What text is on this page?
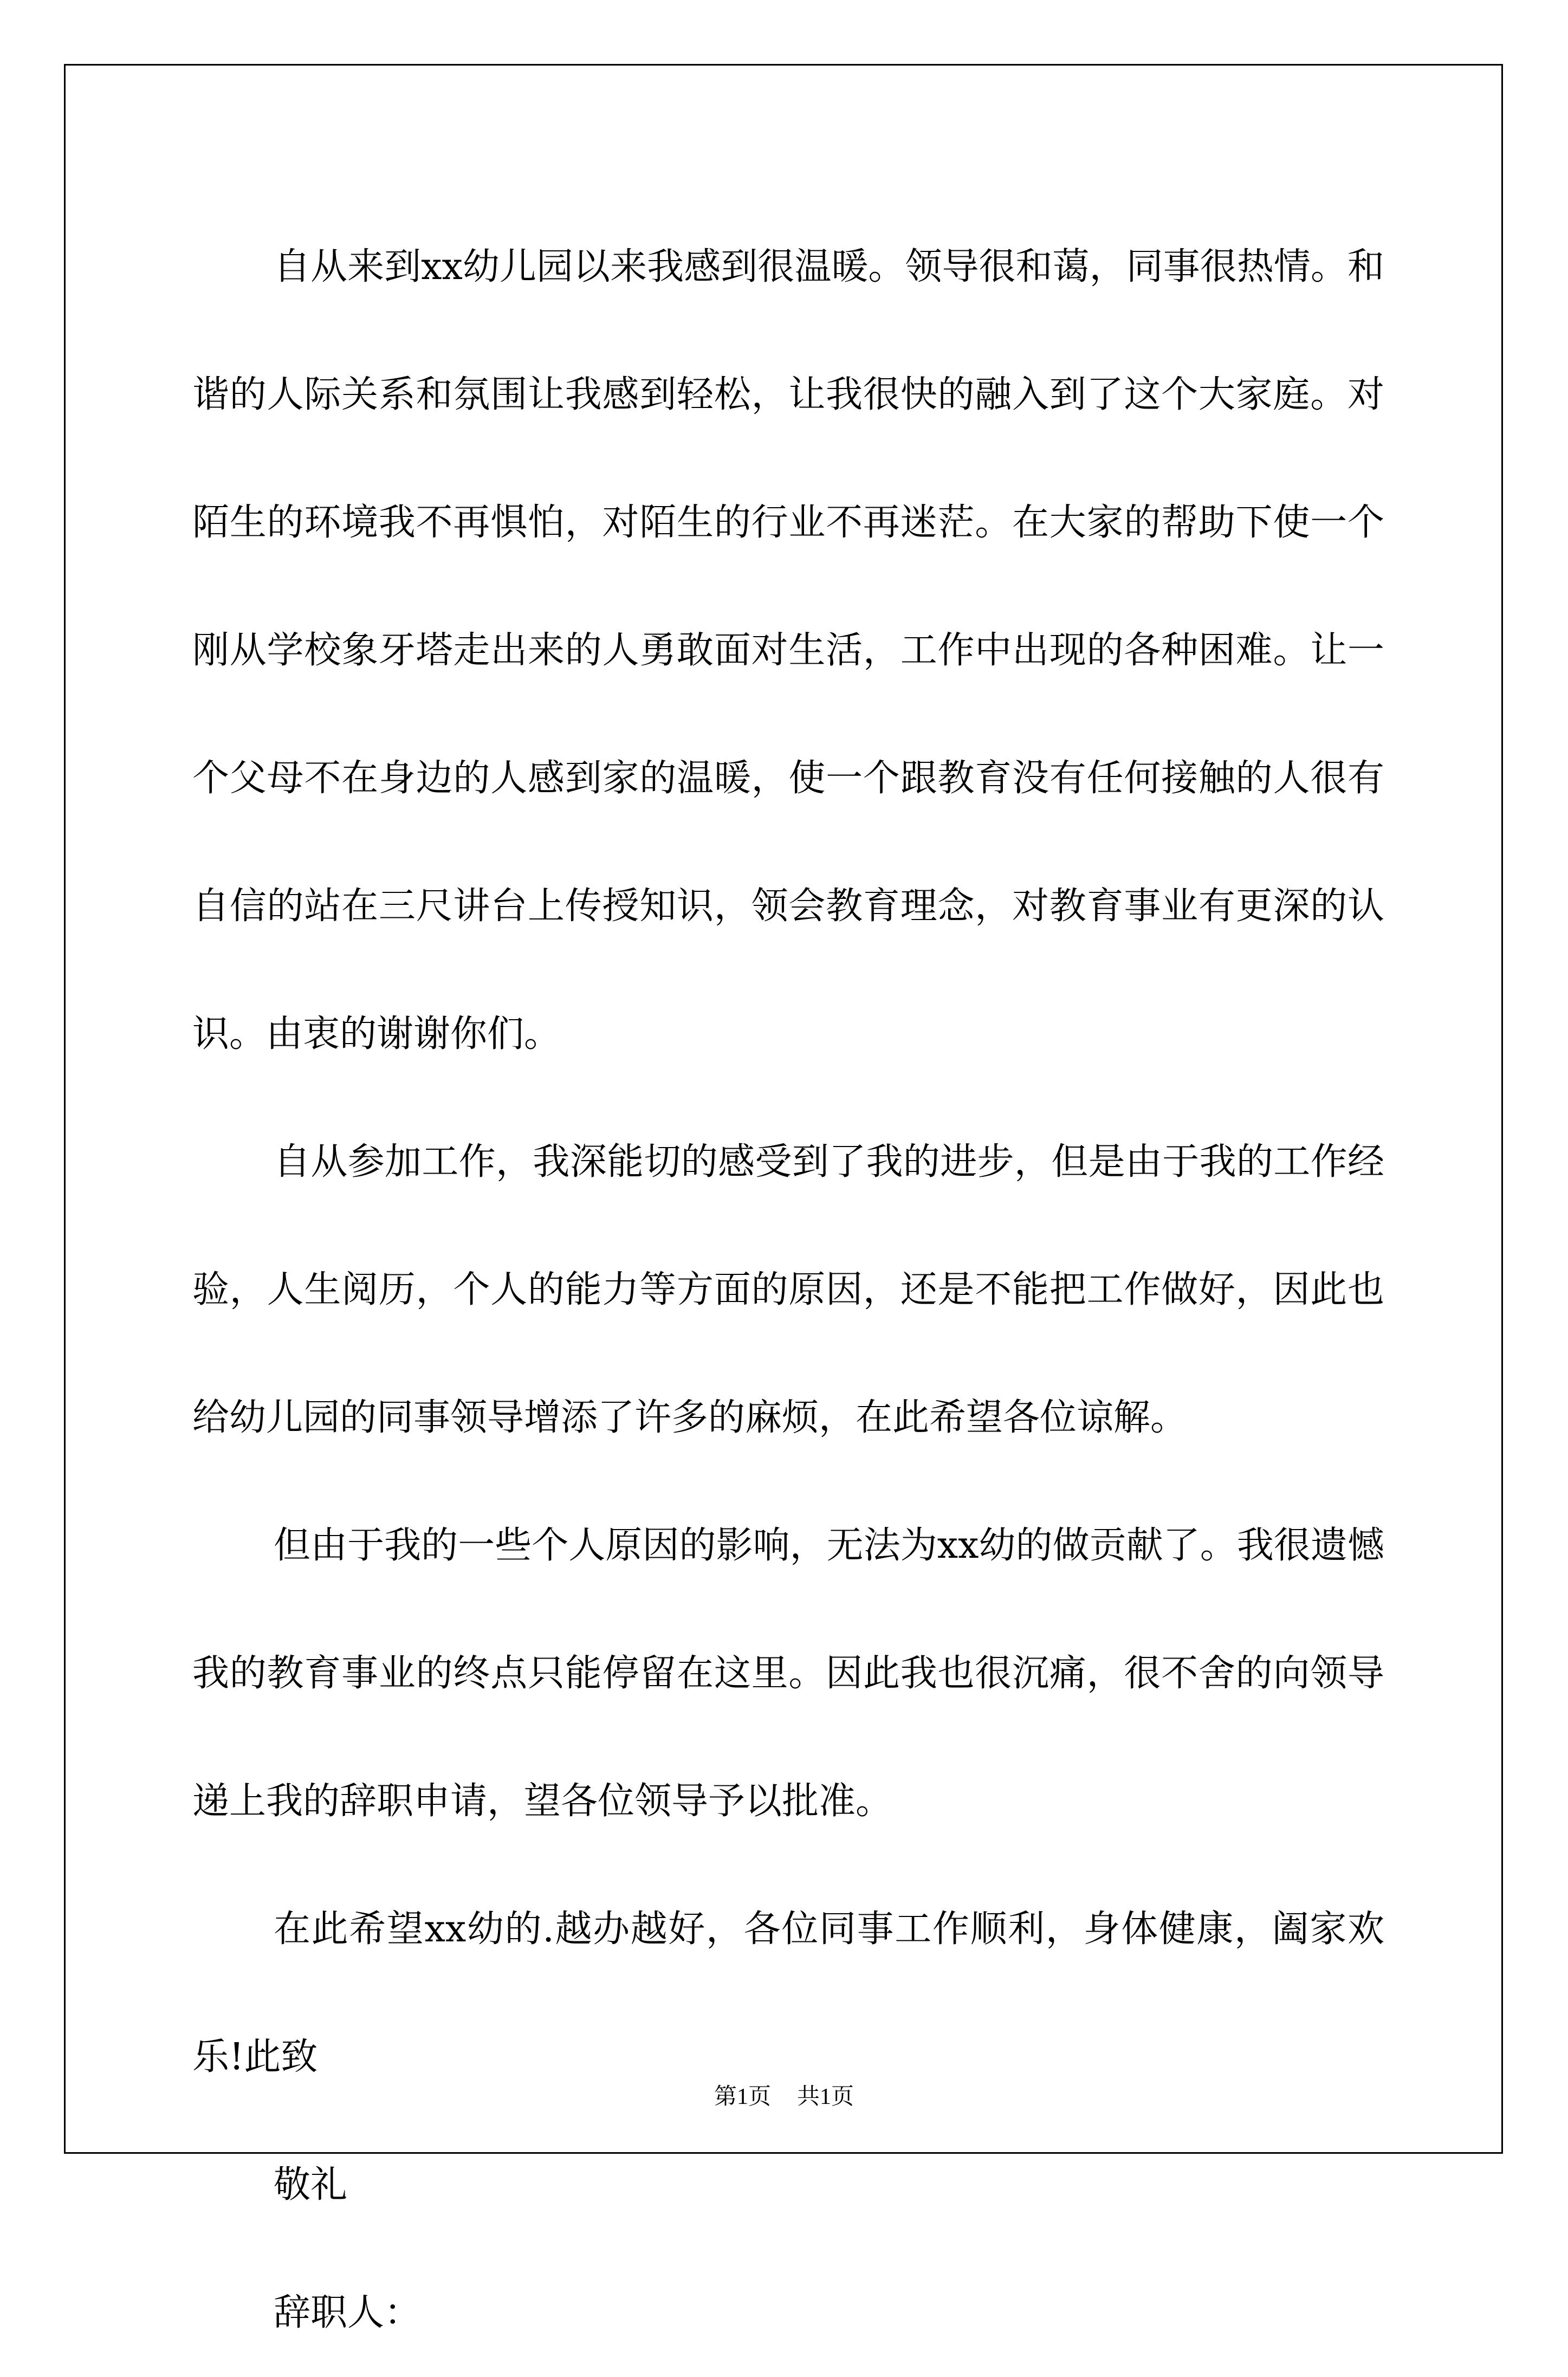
自从来到xx幼儿园以来我感到很温暖。领导很和蔼，同事很热情。和谐的人际关系和氛围让我感到轻松，让我很快的融入到了这个大家庭。对陌生的环境我不再惧怕，对陌生的行业不再迷茫。在大家的帮助下使一个刚从学校象牙塔走出来的人勇敢面对生活，工作中出现的各种困难。让一个父母不在身边的人感到家的温暖，使一个跟教育没有任何接触的人很有自信的站在三尺讲台上传授知识，领会教育理念，对教育事业有更深的认识。由衷的谢谢你们。

自从参加工作，我深能切的感受到了我的进步，但是由于我的工作经验，人生阅历，个人的能力等方面的原因，还是不能把工作做好，因此也给幼儿园的同事领导增添了许多的麻烦，在此希望各位谅解。

但由于我的一些个人原因的影响，无法为xx幼的做贡献了。我很遗憾我的教育事业的终点只能停留在这里。因此我也很沉痛，很不舍的向领导递上我的辞职申请，望各位领导予以批准。

在此希望xx幼的.越办越好，各位同事工作顺利，身体健康，阖家欢乐!此致

敬礼

辞职人：

第1页 共1页
